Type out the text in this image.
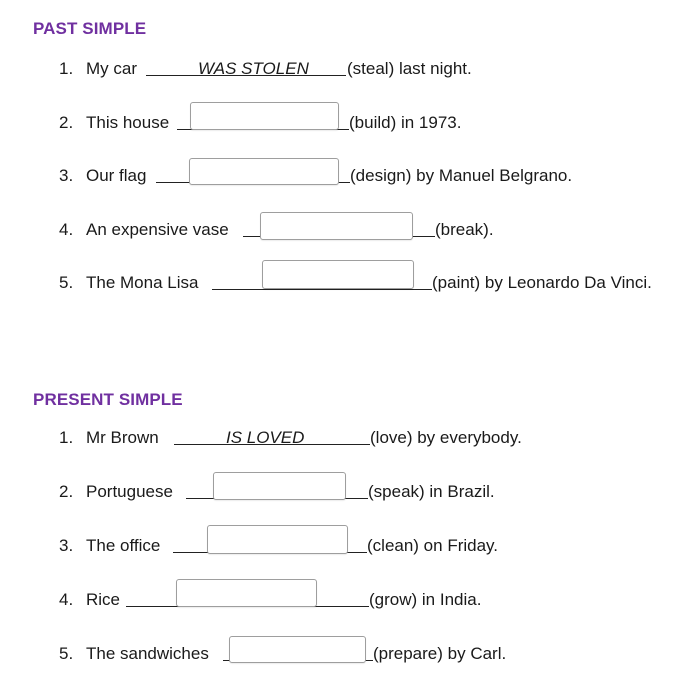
PAST SIMPLE
1. My car	WAS STOLEN (steal) last night.
2. This house	(build) in 1973.
3. Our flag	(design) by Manuel Belgrano.
4. An expensive vase	(break).
5. The Mona Lisa	(paint) by Leonardo Da Vinci.
PRESENT SIMPLE
1. Mr Brown	IS LOVED	(love) by everybody.
2. Portuguese	(speak) in Brazil.
3. The office	(clean) on Friday.
4. Rice	(grow) in India.
5. The sandwiches	(prepare) by Carl.
